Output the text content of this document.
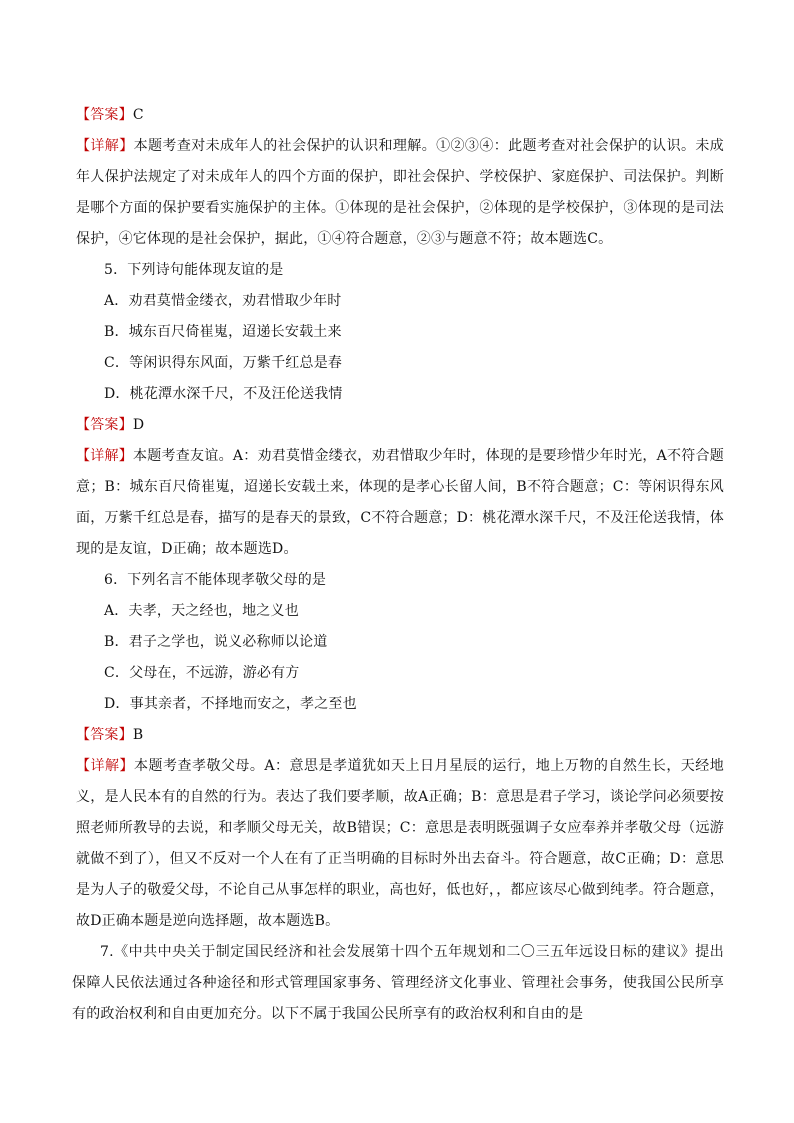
【答案】C

【详解】本题考查对未成年人的社会保护的认识和理解。①②③④：此题考查对社会保护的认识。未成年人保护法规定了对未成年人的四个方面的保护，即社会保护、学校保护、家庭保护、司法保护。判断是哪个方面的保护要看实施保护的主体。①体现的是社会保护，②体现的是学校保护，③体现的是司法保护，④它体现的是社会保护，据此，①④符合题意，②③与题意不符；故本题选C。

5．下列诗句能体现友谊的是

A．劝君莫惜金缕衣，劝君惜取少年时

B．城东百尺倚崔嵬，迢递长安载土来

C．等闲识得东风面，万紫千红总是春

D．桃花潭水深千尺，不及汪伦送我情

【答案】D

【详解】本题考查友谊。A：劝君莫惜金缕衣，劝君惜取少年时，体现的是要珍惜少年时光，A不符合题意；B：城东百尺倚崔嵬，迢递长安载土来，体现的是孝心长留人间，B不符合题意；C：等闲识得东风面，万紫千红总是春，描写的是春天的景致，C不符合题意；D：桃花潭水深千尺，不及汪伦送我情，体现的是友谊，D正确；故本题选D。

6．下列名言不能体现孝敬父母的是

A．夫孝，天之经也，地之义也

B．君子之学也，说义必称师以论道

C．父母在，不远游，游必有方

D．事其亲者，不择地而安之，孝之至也

【答案】B

【详解】本题考查孝敬父母。A：意思是孝道犹如天上日月星辰的运行，地上万物的自然生长，天经地义，是人民本有的自然的行为。表达了我们要孝顺，故A正确；B：意思是君子学习，谈论学问必须要按照老师所教导的去说，和孝顺父母无关，故B错误；C：意思是表明既强调子女应奉养并孝敬父母（远游就做不到了），但又不反对一个人在有了正当明确的目标时外出去奋斗。符合题意，故C正确；D：意思是为人子的敬爱父母，不论自己从事怎样的职业，高也好，低也好，，都应该尽心做到纯孝。符合题意，故D正确本题是逆向选择题，故本题选B。

7.《中共中央关于制定国民经济和社会发展第十四个五年规划和二〇三五年远设日标的建议》提出保障人民依法通过各种途径和形式管理国家事务、管理经济文化事业、管理社会事务，使我国公民所享有的政治权利和自由更加充分。以下不属于我国公民所享有的政治权利和自由的是
